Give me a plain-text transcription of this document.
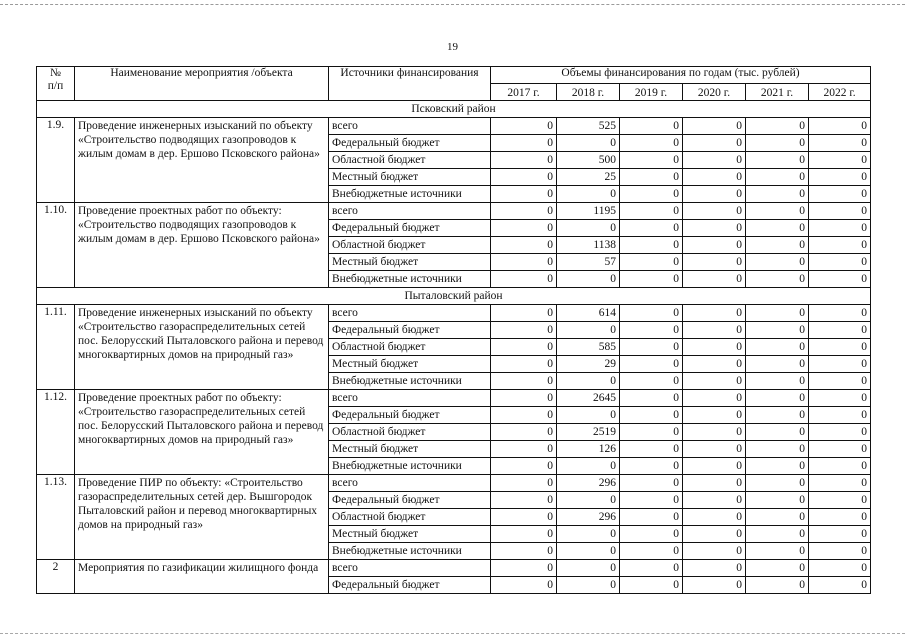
19
№
п/п	Наименование мероприятия /объекта	Источники финансирования	Объемы финансирования по годам (тыс. рублей)					
			2017 г.	2018 г.	2019 г.	2020 г.	2021 г.	2022 г.
Псковский район								
1.9.	Проведение инженерных изысканий по объекту «Строительство подводящих газопроводов к жилым домам в дер. Ершово Псковского района»	всего	0	525	0	0	0	0
		Федеральный бюджет	0	0	0	0	0	0
		Областной бюджет	0	500	0	0	0	0
		Местный бюджет	0	25	0	0	0	0
		Внебюджетные источники	0	0	0	0	0	0
1.10.	Проведение проектных работ по объекту: «Строительство подводящих газопроводов к жилым домам в дер. Ершово Псковского района»	всего	0	1195	0	0	0	0
		Федеральный бюджет	0	0	0	0	0	0
		Областной бюджет	0	1138	0	0	0	0
		Местный бюджет	0	57	0	0	0	0
		Внебюджетные источники	0	0	0	0	0	0
Пыталовский район								
1.11.	Проведение инженерных изысканий по объекту «Строительство газораспределительных сетей пос. Белорусский Пыталовского района и перевод многоквартирных домов на природный газ»	всего	0	614	0	0	0	0
		Федеральный бюджет	0	0	0	0	0	0
		Областной бюджет	0	585	0	0	0	0
		Местный бюджет	0	29	0	0	0	0
		Внебюджетные источники	0	0	0	0	0	0
1.12.	Проведение проектных работ по объекту: «Строительство газораспределительных сетей пос. Белорусский Пыталовского района и перевод многоквартирных домов на природный газ»	всего	0	2645	0	0	0	0
		Федеральный бюджет	0	0	0	0	0	0
		Областной бюджет	0	2519	0	0	0	0
		Местный бюджет	0	126	0	0	0	0
		Внебюджетные источники	0	0	0	0	0	0
1.13.	Проведение ПИР по объекту: «Строительство газораспределительных сетей дер. Вышгородок Пыталовский район и перевод многоквартирных домов на природный газ»	всего	0	296	0	0	0	0
		Федеральный бюджет	0	0	0	0	0	0
		Областной бюджет	0	296	0	0	0	0
		Местный бюджет	0	0	0	0	0	0
		Внебюджетные источники	0	0	0	0	0	0
2	Мероприятия по газификации жилищного фонда	всего	0	0	0	0	0	0
		Федеральный бюджет	0	0	0	0	0	0
